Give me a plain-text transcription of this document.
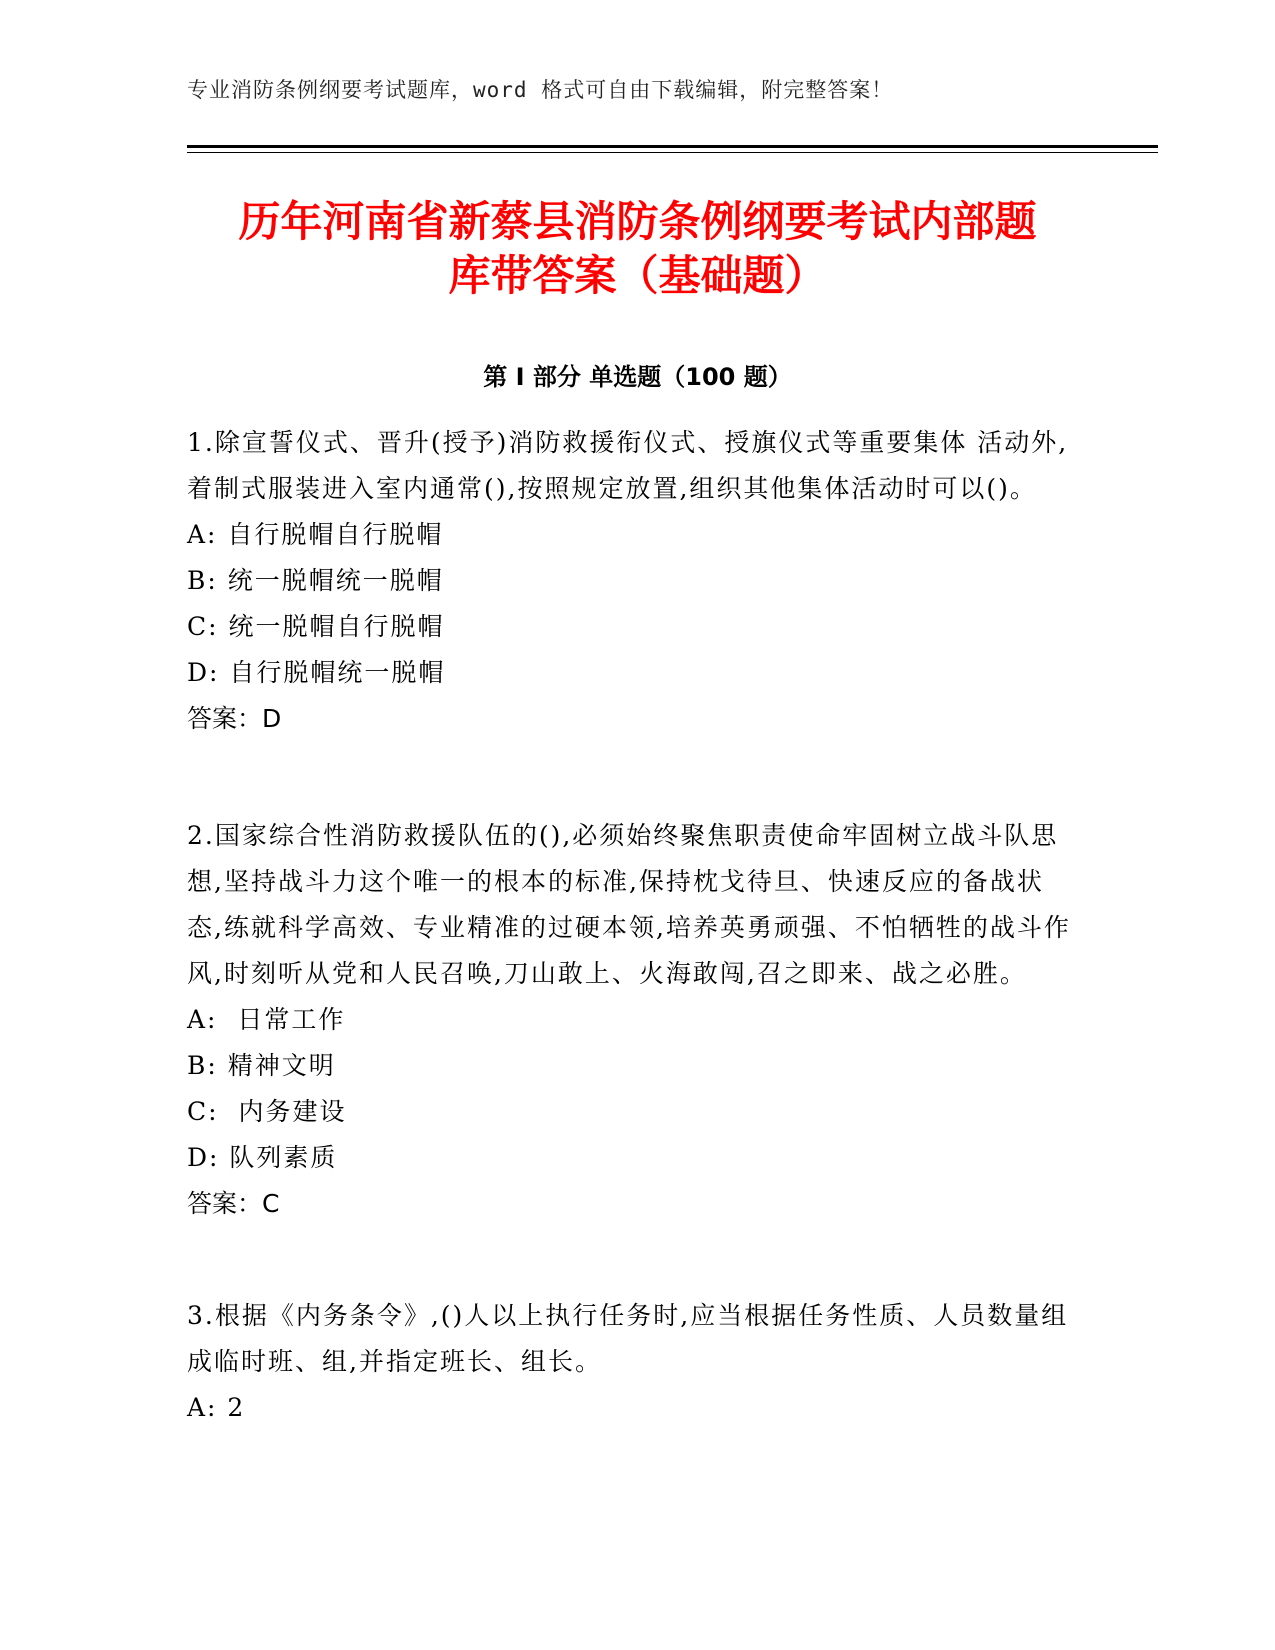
专业消防条例纲要考试题库，word 格式可自由下载编辑，附完整答案！
历年河南省新蔡县消防条例纲要考试内部题
库带答案（基础题）
第 I 部分 单选题（100 题）

1.除宣誓仪式、晋升(授予)消防救援衔仪式、授旗仪式等重要集体 活动外,着制式服装进入室内通常(),按照规定放置,组织其他集体活动时可以()。

A: 自行脱帽自行脱帽

B: 统一脱帽统一脱帽

C: 统一脱帽自行脱帽

D: 自行脱帽统一脱帽

答案：D

2.国家综合性消防救援队伍的(),必须始终聚焦职责使命牢固树立战斗队思想,坚持战斗力这个唯一的根本的标准,保持枕戈待旦、快速反应的备战状态,练就科学高效、专业精准的过硬本领,培养英勇顽强、不怕牺牲的战斗作风,时刻听从党和人民召唤,刀山敢上、火海敢闯,召之即来、战之必胜。

A:  日常工作

B: 精神文明

C:  内务建设

D: 队列素质

答案：C

3.根据《内务条令》,()人以上执行任务时,应当根据任务性质、人员数量组成临时班、组,并指定班长、组长。

A: 2
